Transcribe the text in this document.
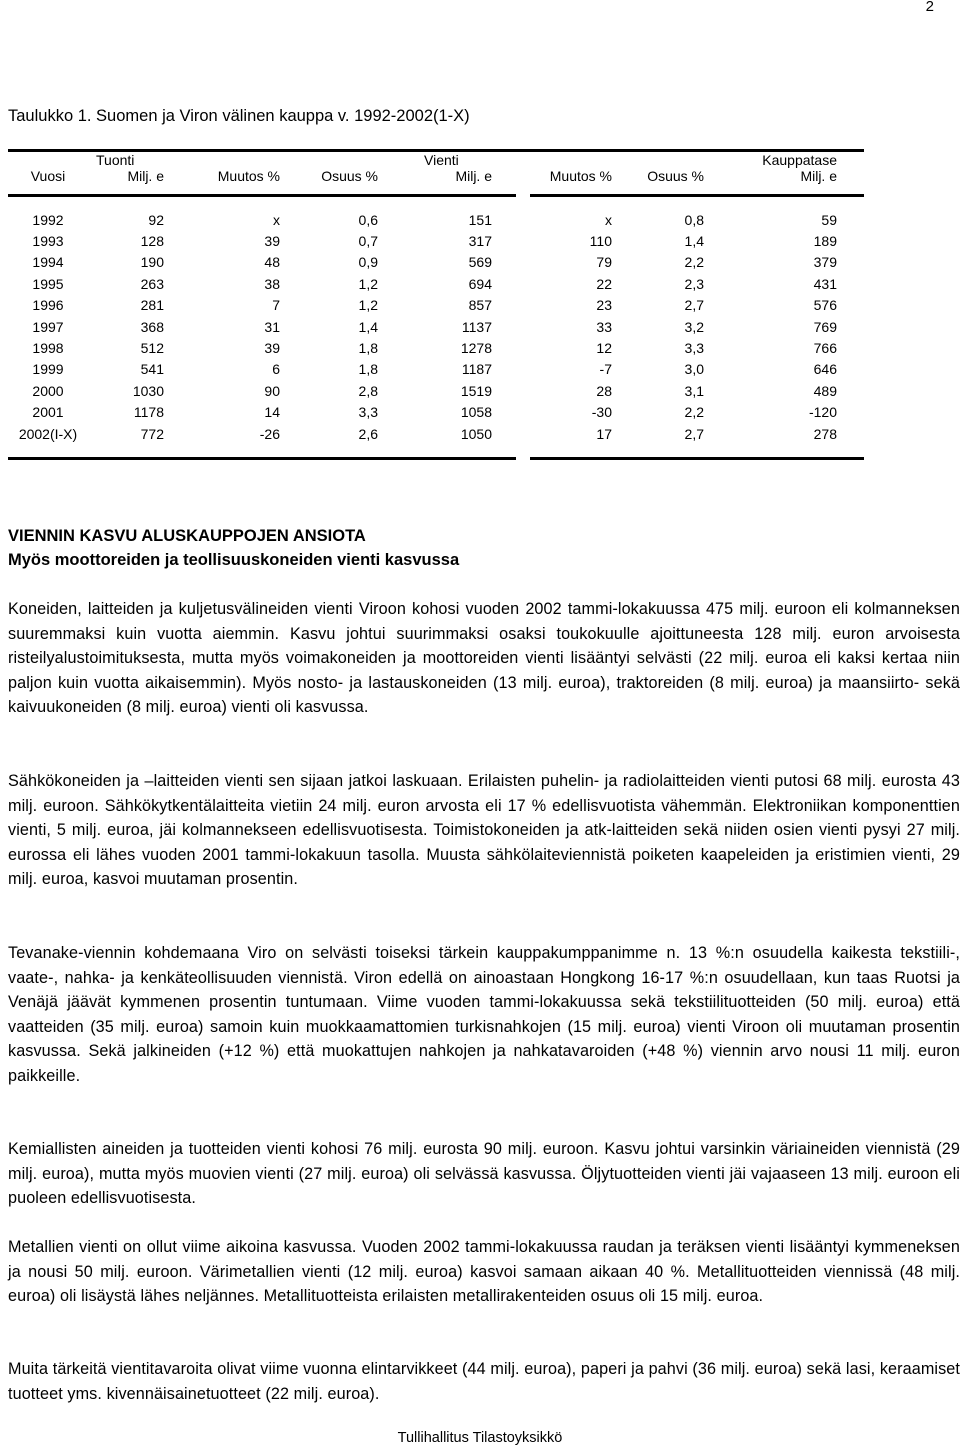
2
Taulukko 1. Suomen ja Viron välinen kauppa v. 1992-2002(1-X)
Vuosi	
Tuonti
Milj. e	Muutos %	Osuus %	
Vienti
Milj. e	Muutos %	Osuus %	
Kauppatase
Milj. e
1992	92	x	0,6	151	x	0,8	59
1993	128	39	0,7	317	110	1,4	189
1994	190	48	0,9	569	79	2,2	379
1995	263	38	1,2	694	22	2,3	431
1996	281	7	1,2	857	23	2,7	576
1997	368	31	1,4	1137	33	3,2	769
1998	512	39	1,8	1278	12	3,3	766
1999	541	6	1,8	1187	-7	3,0	646
2000	1030	90	2,8	1519	28	3,1	489
2001	1178	14	3,3	1058	-30	2,2	-120
2002(I-X)	772	-26	2,6	1050	17	2,7	278
VIENNIN KASVU ALUSKAUPPOJEN ANSIOTA
Myös moottoreiden ja teollisuuskoneiden vienti kasvussa

Koneiden, laitteiden ja kuljetusvälineiden vienti Viroon kohosi vuoden 2002 tammi-lokakuussa 475 milj. euroon eli kolmanneksen suuremmaksi kuin vuotta aiemmin. Kasvu johtui suurimmaksi osaksi toukokuulle ajoittuneesta 128 milj. euron arvoisesta risteilyalustoimituksesta, mutta myös voimakoneiden ja moottoreiden vienti lisääntyi selvästi (22 milj. euroa eli kaksi kertaa niin paljon kuin vuotta aikaisemmin). Myös nosto- ja lastauskoneiden (13 milj. euroa), traktoreiden (8 milj. euroa) ja maansiirto- sekä kaivuukoneiden (8 milj. euroa) vienti oli kasvussa.

Sähkökoneiden ja –laitteiden vienti sen sijaan jatkoi laskuaan. Erilaisten puhelin- ja radiolaitteiden vienti putosi 68 milj. eurosta 43 milj. euroon. Sähkökytkentälaitteita vietiin 24 milj. euron arvosta eli 17 % edellisvuotista vähemmän. Elektroniikan komponenttien vienti, 5 milj. euroa, jäi kolmannekseen edellisvuotisesta. Toimistokoneiden ja atk-laitteiden sekä niiden osien vienti pysyi 27 milj. eurossa eli lähes vuoden 2001 tammi-lokakuun tasolla. Muusta sähkölaiteviennistä poiketen kaapeleiden ja eristimien vienti, 29 milj. euroa, kasvoi muutaman prosentin.

Tevanake-viennin kohdemaana Viro on selvästi toiseksi tärkein kauppakumppanimme n. 13 %:n osuudella kaikesta tekstiili-, vaate-, nahka- ja kenkäteollisuuden viennistä. Viron edellä on ainoastaan Hongkong 16-17 %:n osuudellaan, kun taas Ruotsi ja Venäjä jäävät kymmenen prosentin tuntumaan. Viime vuoden tammi-lokakuussa sekä tekstiilituotteiden (50 milj. euroa) että vaatteiden (35 milj. euroa) samoin kuin muokkaamattomien turkisnahkojen (15 milj. euroa) vienti Viroon oli muutaman prosentin kasvussa. Sekä jalkineiden (+12 %) että muokattujen nahkojen ja nahkatavaroiden (+48 %) viennin arvo nousi 11 milj. euron paikkeille.

Kemiallisten aineiden ja tuotteiden vienti kohosi 76 milj. eurosta 90 milj. euroon. Kasvu johtui varsinkin väriaineiden viennistä (29 milj. euroa), mutta myös muovien vienti (27 milj. euroa) oli selvässä kasvussa. Öljytuotteiden vienti jäi vajaaseen 13 milj. euroon eli puoleen edellisvuotisesta.

Metallien vienti on ollut viime aikoina kasvussa. Vuoden 2002 tammi-lokakuussa raudan ja teräksen vienti lisääntyi kymmeneksen ja nousi 50 milj. euroon. Värimetallien vienti (12 milj. euroa) kasvoi samaan aikaan 40 %. Metallituotteiden viennissä (48 milj. euroa) oli lisäystä lähes neljännes. Metallituotteista erilaisten metallirakenteiden osuus oli 15 milj. euroa.

Muita tärkeitä vientitavaroita olivat viime vuonna elintarvikkeet (44 milj. euroa), paperi ja pahvi (36 milj. euroa) sekä lasi, keraamiset tuotteet yms. kivennäisainetuotteet (22 milj. euroa).

Tullihallitus Tilastoyksikkö
